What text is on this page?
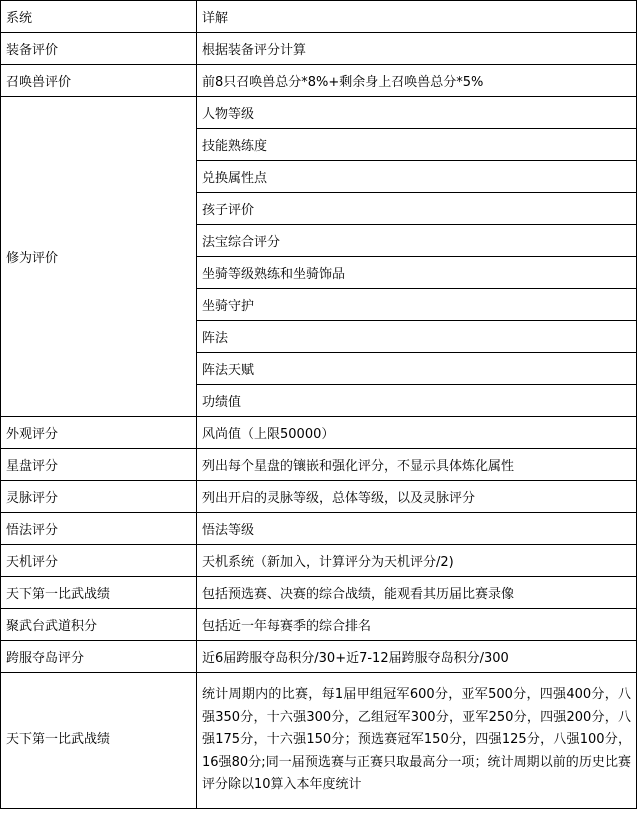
系统	详解
装备评价	根据装备评分计算
召唤兽评价	前8只召唤兽总分*8%+剩余身上召唤兽总分*5%
修为评价	人物等级
	技能熟练度
	兑换属性点
	孩子评价
	法宝综合评分
	坐骑等级熟练和坐骑饰品
	坐骑守护
	阵法
	阵法天赋
	功绩值
外观评分	风尚值（上限50000）
星盘评分	列出每个星盘的镶嵌和强化评分，不显示具体炼化属性
灵脉评分	列出开启的灵脉等级，总体等级，以及灵脉评分
悟法评分	悟法等级
天机评分	天机系统（新加入，计算评分为天机评分/2)
天下第一比武战绩	包括预选赛、决赛的综合战绩，能观看其历届比赛录像
聚武台武道积分	包括近一年每赛季的综合排名
跨服夺岛评分	近6届跨服夺岛积分/30+近7-12届跨服夺岛积分/300
天下第一比武战绩	统计周期内的比赛，每1届甲组冠军600分，亚军500分，四强400分，八强350分，十六强300分，乙组冠军300分，亚军250分，四强200分，八强175分，十六强150分；预选赛冠军150分，四强125分，八强100分，16强80分;同一届预选赛与正赛只取最高分一项；统计周期以前的历史比赛评分除以10算入本年度统计
